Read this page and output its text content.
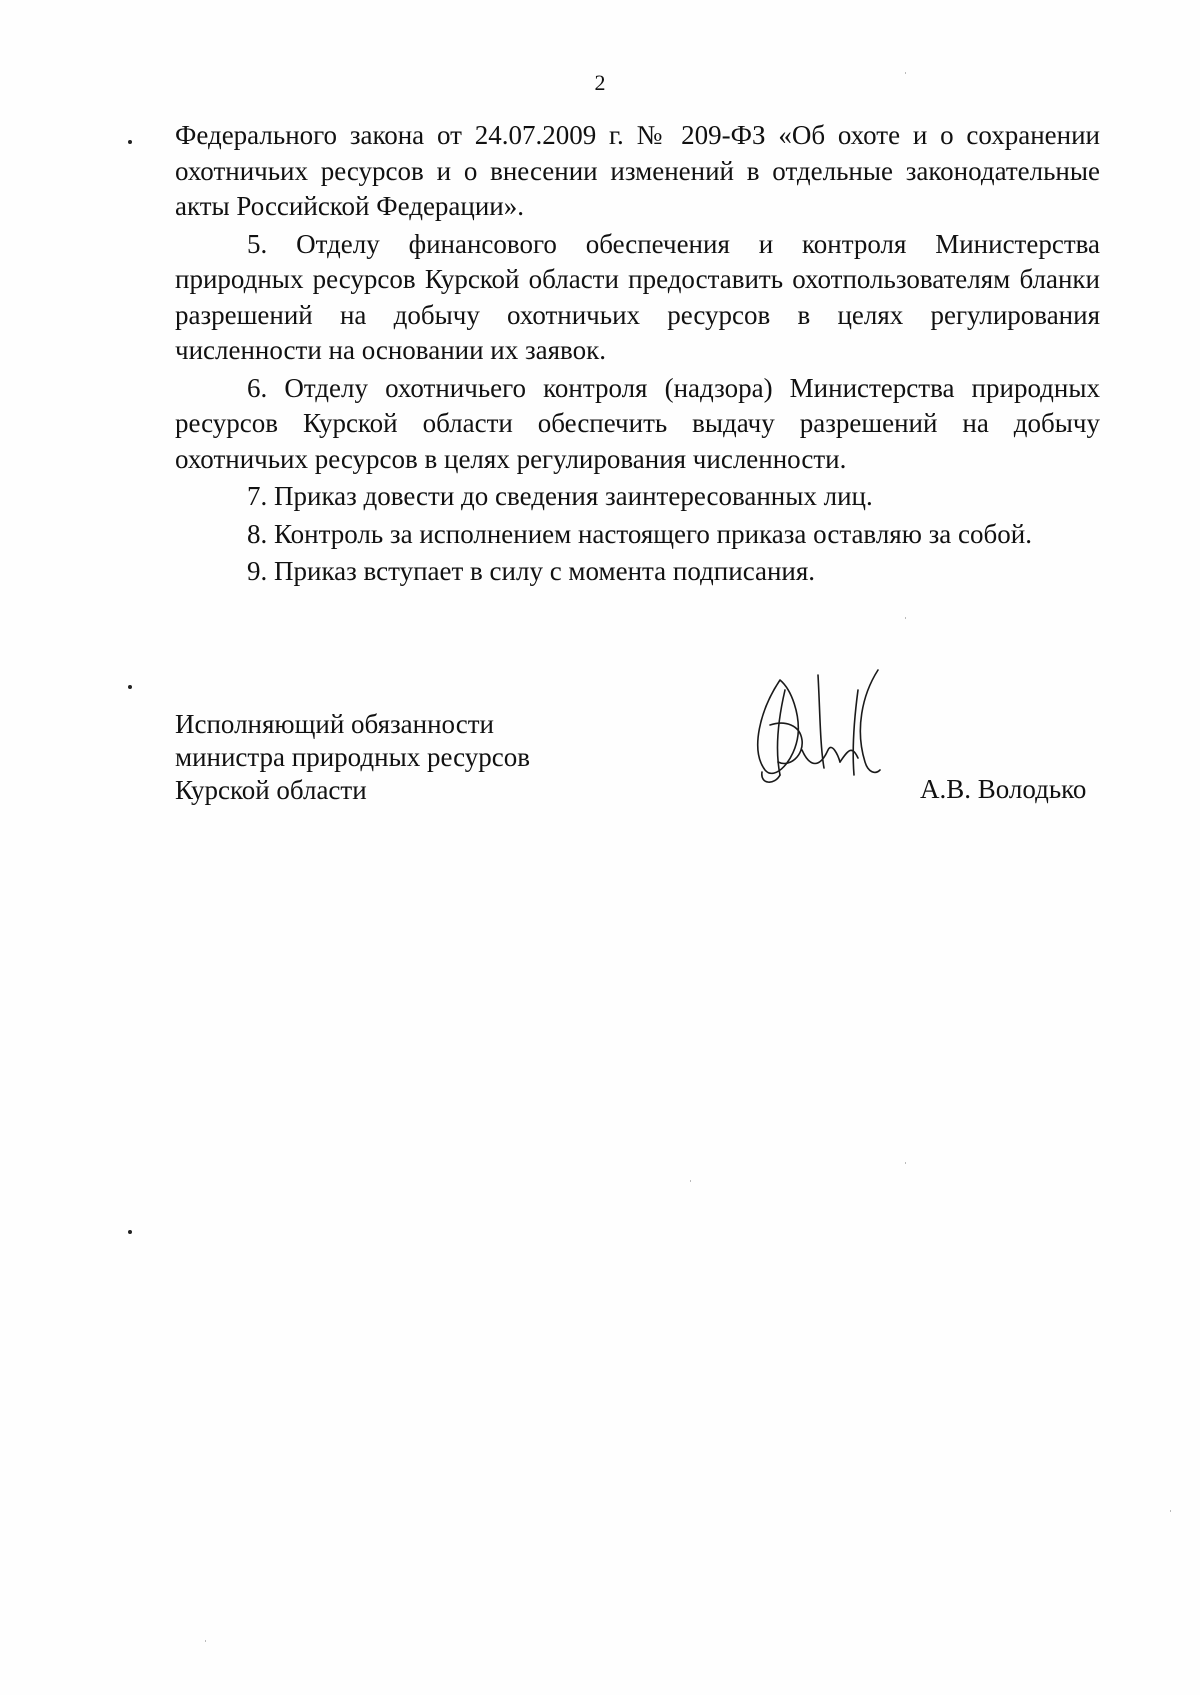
2

Федерального закона от 24.07.2009 г. № 209-ФЗ «Об охоте и о сохранении охотничьих ресурсов и о внесении изменений в отдельные законодательные акты Российской Федерации».

5. Отделу финансового обеспечения и контроля Министерства природных ресурсов Курской области предоставить охотпользователям бланки разрешений на добычу охотничьих ресурсов в целях регулирования численности на основании их заявок.

6. Отделу охотничьего контроля (надзора) Министерства природных ресурсов Курской области обеспечить выдачу разрешений на добычу охотничьих ресурсов в целях регулирования численности.

7. Приказ довести до сведения заинтересованных лиц.

8. Контроль за исполнением настоящего приказа оставляю за собой.

9. Приказ вступает в силу с момента подписания.

Исполняющий обязанности
министра природных ресурсов
Курской области	А.В. Володько
